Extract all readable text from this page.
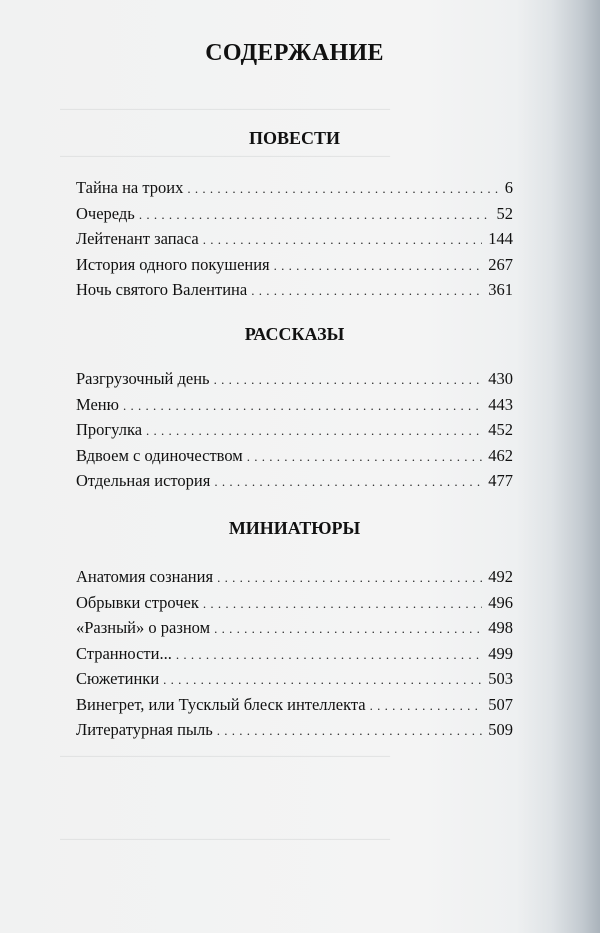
——————————————————————
——————————————————————
——————————————————————
——————————————————————
СОДЕРЖАНИЕ
ПОВЕСТИ
Тайна на троих . . .	6
Очередь . . .	52
Лейтенант запаса . . .	144
История одного покушения . . .	267
Ночь святого Валентина . . .	361
РАССКАЗЫ
Разгрузочный день . . .	430
Меню . . .	443
Прогулка . . .	452
Вдвоем с одиночеством . . .	462
Отдельная история . . .	477
МИНИАТЮРЫ
Анатомия сознания . . .	492
Обрывки строчек . . .	496
«Разный» о разном . . .	498
Странности... . . .	499
Сюжетинки . . .	503
Винегрет, или Тусклый блеск интеллекта . . .	507
Литературная пыль . . .	509
